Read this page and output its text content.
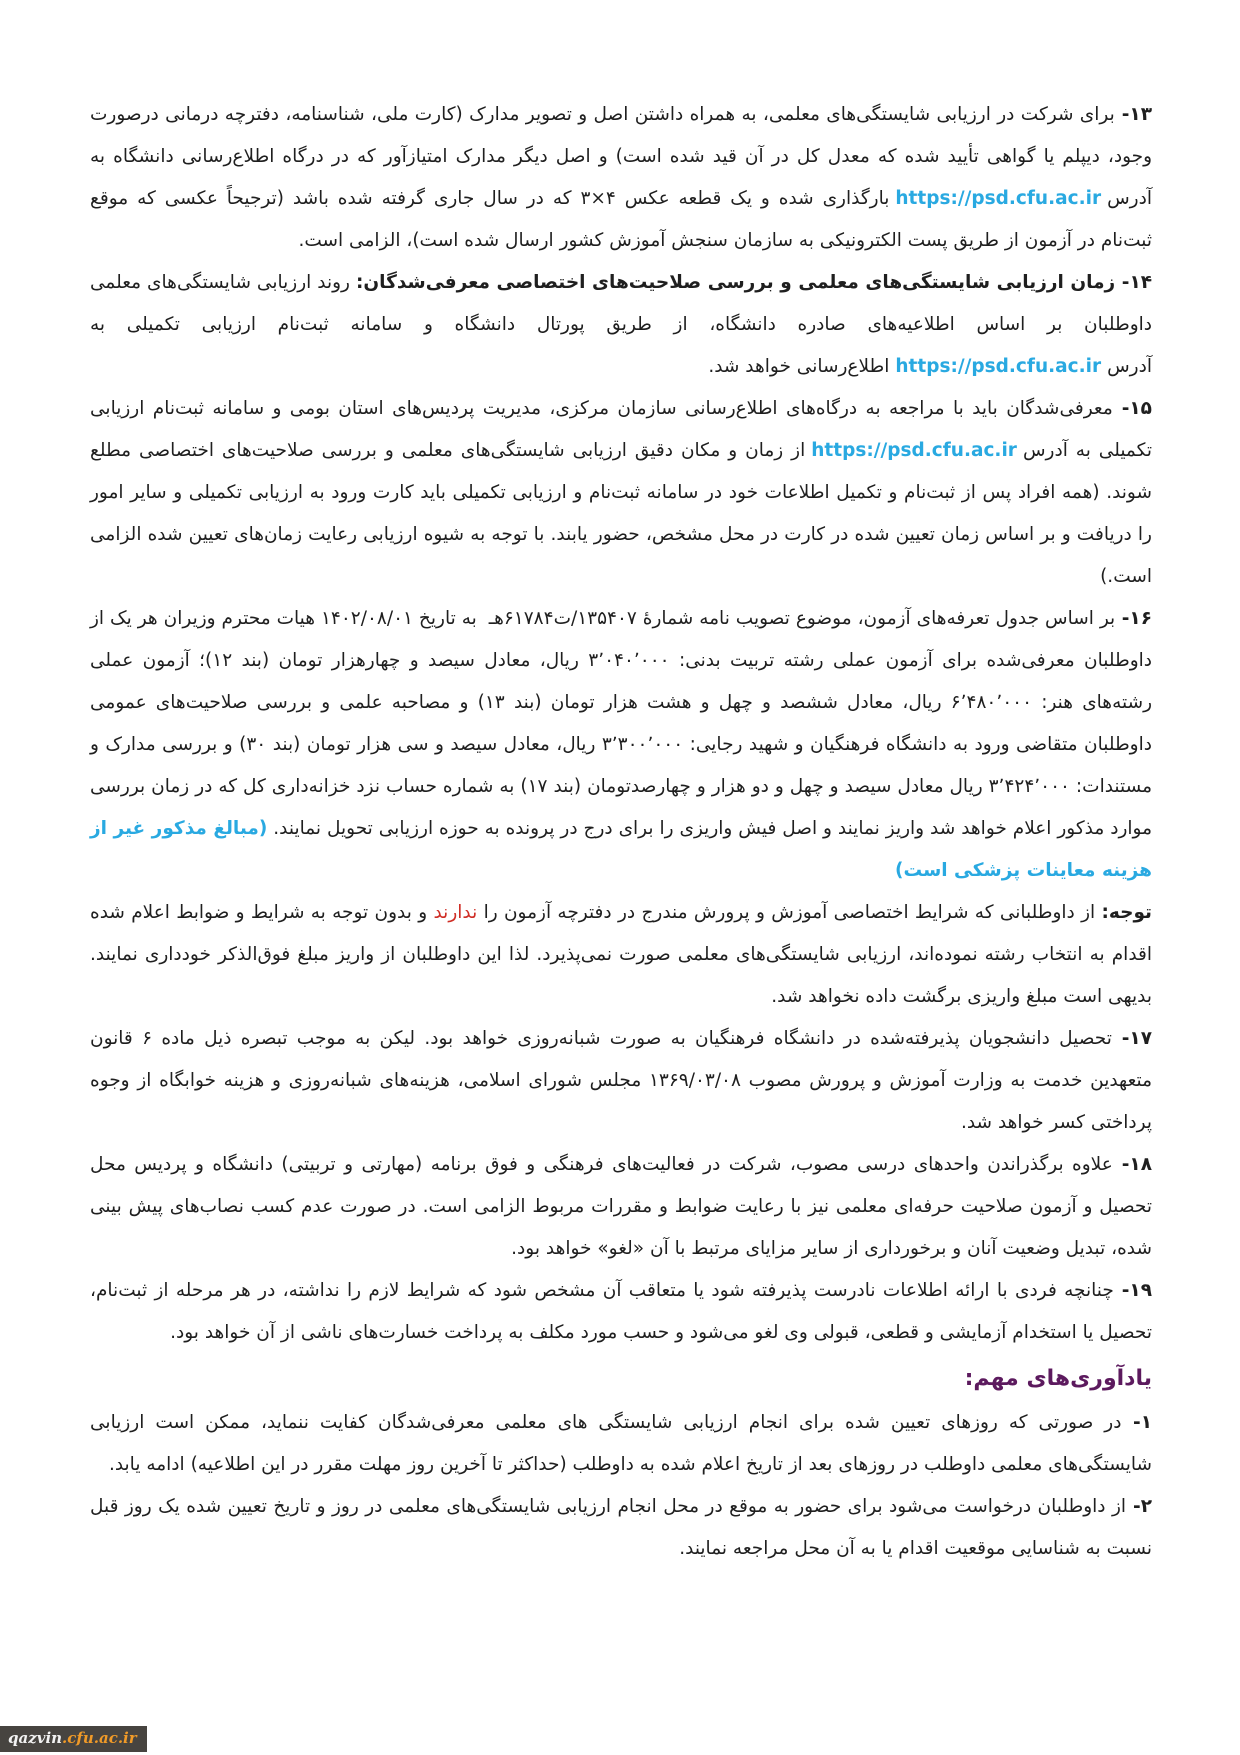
۱۳- برای شرکت در ارزیابی شایستگی‌های معلمی، به همراه داشتن اصل و تصویر مدارک (کارت ملی، شناسنامه، دفترچه درمانی درصورت وجود، دیپلم یا گواهی تأیید شده که معدل کل در آن قید شده است) و اصل دیگر مدارک امتیازآور که در درگاه اطلاع‌رسانی دانشگاه به آدرسhttps://psd.cfu.ac.irبارگذاری شده و یک قطعه عکس ۴×۳ که در سال جاری گرفته شده باشد (ترجیحاً عکسی که موقع ثبت‌نام در آزمون از طریق پست الکترونیکی به سازمان سنجش آموزش کشور ارسال شده است)، الزامی است.

۱۴- زمان ارزیابی شایستگی‌های معلمی و بررسی صلاحیت‌های اختصاصی معرفی‌شدگان: روند ارزیابی شایستگی‌های معلمی داوطلبان بر اساس اطلاعیه‌های صادره دانشگاه، از طریق پورتال دانشگاه و سامانه ثبت‌نام ارزیابی تکمیلی به آدرسhttps://psd.cfu.ac.irاطلاع‌رسانی خواهد شد.

۱۵- معرفی‌شدگان باید با مراجعه به درگاه‌های اطلاع‌رسانی سازمان مرکزی، مدیریت پردیس‌های استان بومی و سامانه ثبت‌نام ارزیابی تکمیلی به آدرسhttps://psd.cfu.ac.irاز زمان و مکان دقیق ارزیابی شایستگی‌های معلمی و بررسی صلاحیت‌های اختصاصی مطلع شوند. (همه افراد پس از ثبت‌نام و تکمیل اطلاعات خود در سامانه ثبت‌نام و ارزیابی تکمیلی باید کارت ورود به ارزیابی تکمیلی و سایر امور را دریافت و بر اساس زمان تعیین شده در کارت در محل مشخص، حضور یابند. با توجه به شیوه ارزیابی رعایت زمان‌های تعیین شده الزامی است.)

۱۶- بر اساس جدول تعرفه‌های آزمون، موضوع تصویب نامه شمارهٔ ۱۳۵۴۰۷/ت۶۱۷۸۴هـ  به تاریخ ۱۴۰۲/۰۸/۰۱ هیات محترم وزیران هر یک از داوطلبان معرفی‌شده برای آزمون عملی رشته تربیت بدنی: ۳٬۰۴۰٬۰۰۰ ریال، معادل سیصد و چهارهزار تومان (بند ۱۲)؛ آزمون عملی رشته‌های هنر: ۶٬۴۸۰٬۰۰۰ ریال، معادل ششصد و چهل و هشت هزار تومان (بند ۱۳) و مصاحبه علمی و بررسی صلاحیت‌های عمومی داوطلبان متقاضی ورود به دانشگاه فرهنگیان و شهید رجایی: ۳٬۳۰۰٬۰۰۰ ریال، معادل سیصد و سی هزار تومان (بند ۳۰) و بررسی مدارک و مستندات: ۳٬۴۲۴٬۰۰۰ ریال معادل سیصد و چهل و دو هزار و چهارصدتومان (بند ۱۷) به شماره حساب نزد خزانه‌داری کل که در زمان بررسی موارد مذکور اعلام خواهد شد واریز نمایند و اصل فیش واریزی را برای درج در پرونده به حوزه ارزیابی تحویل نمایند. (مبالغ مذکور غیر از هزینه معاینات پزشکی است)

توجه: از داوطلبانی که شرایط اختصاصی آموزش و پرورش مندرج در دفترچه آزمون را ندارند و بدون توجه به شرایط و ضوابط اعلام شده اقدام به انتخاب رشته نموده‌اند، ارزیابی شایستگی‌های معلمی صورت نمی‌پذیرد. لذا این داوطلبان از واریز مبلغ فوق‌الذکر خودداری نمایند. بدیهی است مبلغ واریزی برگشت داده نخواهد شد.

۱۷- تحصیل دانشجویان پذیرفته‌شده در دانشگاه فرهنگیان به صورت شبانه‌روزی خواهد بود. لیکن به موجب تبصره ذیل ماده ۶ قانون متعهدین خدمت به وزارت آموزش و پرورش مصوب ۱۳۶۹/۰۳/۰۸ مجلس شورای اسلامی، هزینه‌های شبانه‌روزی و هزینه خوابگاه از وجوه پرداختی کسر خواهد شد.

۱۸- علاوه برگذراندن واحدهای درسی مصوب، شرکت در فعالیت‌های فرهنگی و فوق برنامه (مهارتی و تربیتی) دانشگاه و پردیس محل تحصیل و آزمون صلاحیت حرفه‌ای معلمی نیز با رعایت ضوابط و مقررات مربوط الزامی است. در صورت عدم کسب نصاب‌های پیش بینی شده، تبدیل وضعیت آنان و برخورداری از سایر مزایای مرتبط با آن «لغو» خواهد بود.

۱۹- چنانچه فردی با ارائه اطلاعات نادرست پذیرفته شود یا متعاقب آن مشخص شود که شرایط لازم را نداشته، در هر مرحله از ثبت‌نام، تحصیل یا استخدام آزمایشی و قطعی، قبولی وی لغو می‌شود و حسب مورد مکلف به پرداخت خسارت‌های ناشی از آن خواهد بود.

یادآوری‌های مهم:

۱- در صورتی که روزهای تعیین شده برای انجام ارزیابی شایستگی های معلمی معرفی‌شدگان کفایت ننماید، ممکن است ارزیابی شایستگی‌های معلمی داوطلب در روزهای بعد از تاریخ اعلام شده به داوطلب (حداکثر تا آخرین روز مهلت مقرر در این اطلاعیه) ادامه یابد.

۲- از داوطلبان درخواست می‌شود برای حضور به موقع در محل انجام ارزیابی شایستگی‌های معلمی در روز و تاریخ تعیین شده یک روز قبل نسبت به شناسایی موقعیت اقدام یا به آن محل مراجعه نمایند.

qazvin.cfu.ac.ir
